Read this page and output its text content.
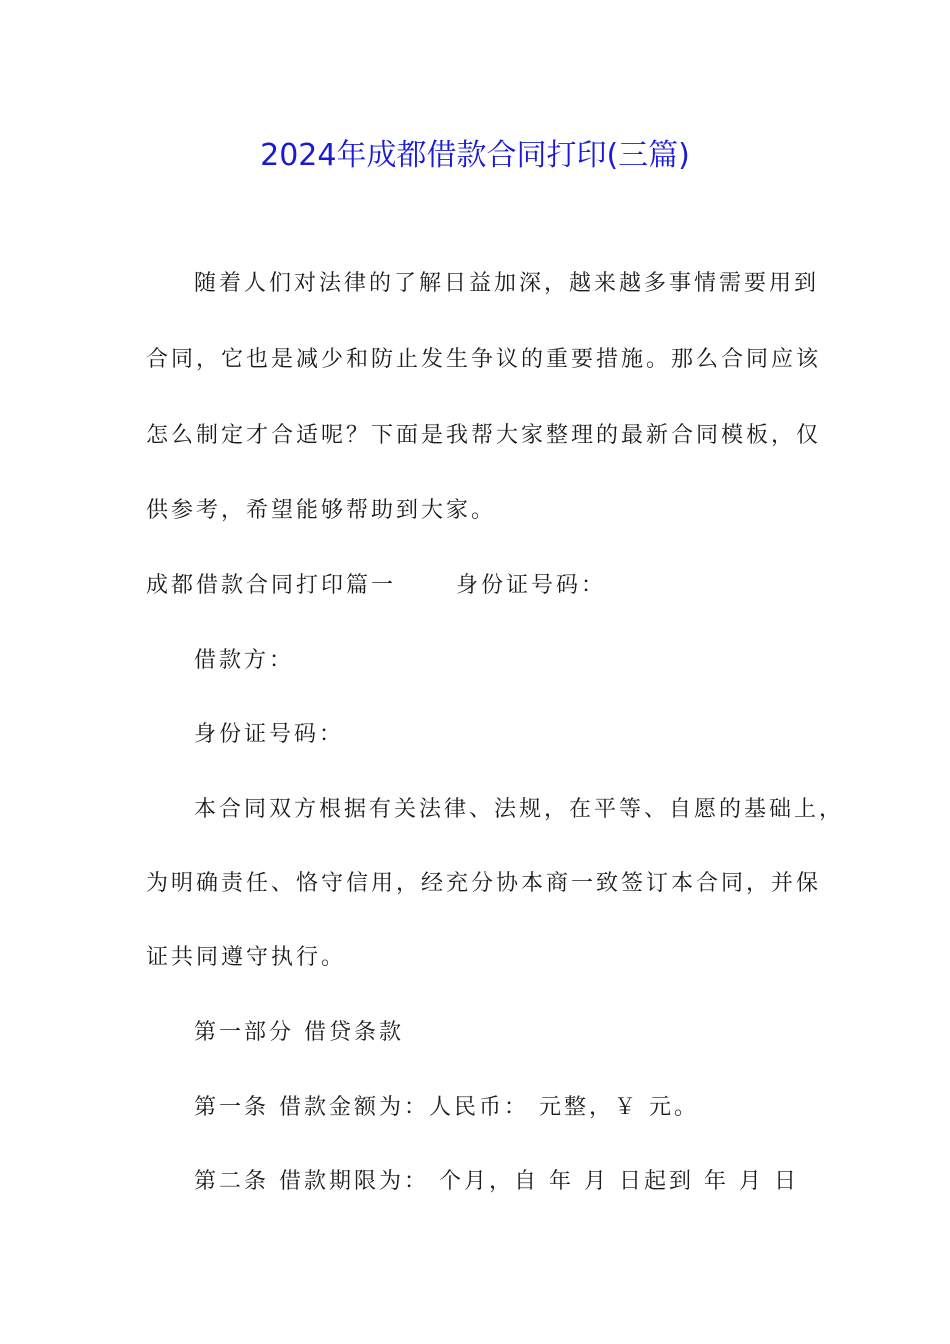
2024年成都借款合同打印(三篇)
随着人们对法律的了解日益加深，越来越多事情需要用到
合同，它也是减少和防止发生争议的重要措施。那么合同应该
怎么制定才合适呢？下面是我帮大家整理的最新合同模板，仅
供参考，希望能够帮助到大家。
成都借款合同打印篇一	身份证号码：
借款方：
身份证号码：
本合同双方根据有关法律、法规，在平等、自愿的基础上，
为明确责任、恪守信用，经充分协本商一致签订本合同，并保
证共同遵守执行。
第一部分 借贷条款
第一条 借款金额为：人民币： 元整，￥ 元。
第二条 借款期限为： 个月，自 年 月 日起到 年 月 日
